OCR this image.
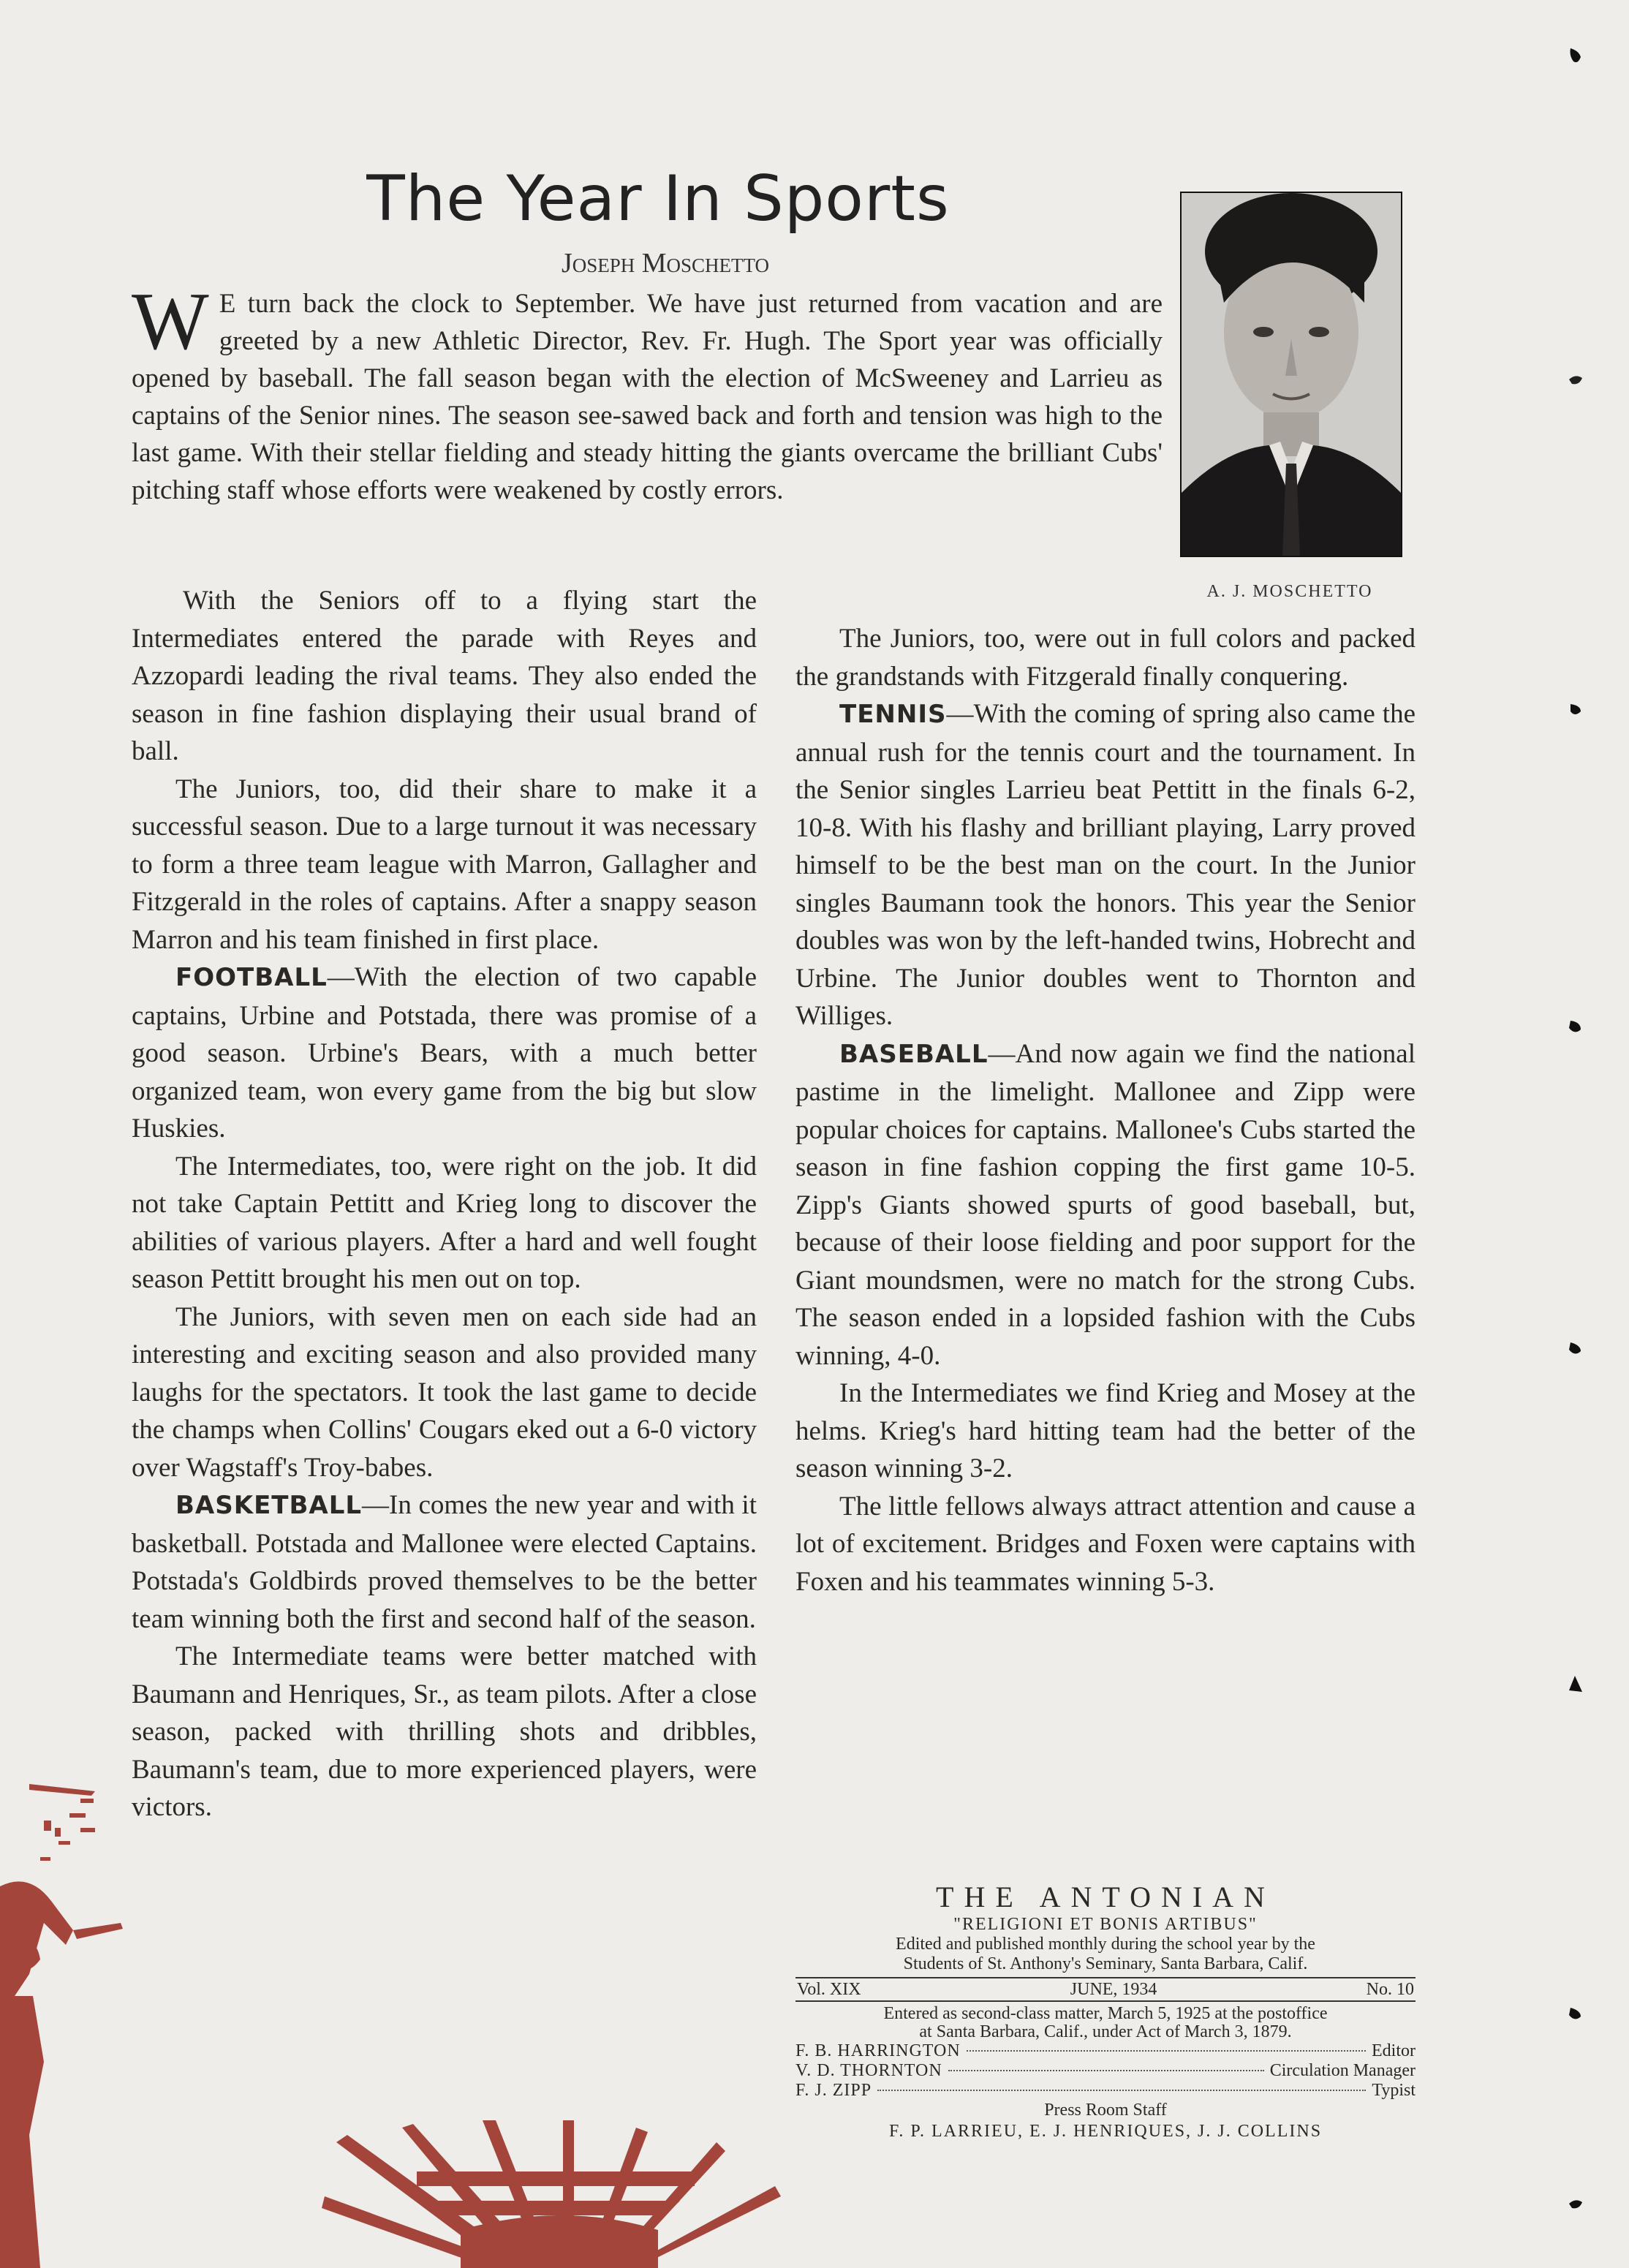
The Year In Sports
Joseph Moschetto

W E turn back the clock to September. We have just returned from vacation and are greeted by a new Athletic Director, Rev. Fr. Hugh. The Sport year was officially opened by baseball. The fall season began with the election of McSweeney and Larrieu as captains of the Senior nines. The season see-sawed back and forth and tension was high to the last game. With their stellar fielding and steady hitting the giants overcame the brilliant Cubs' pitching staff whose efforts were weakened by costly errors.

A. J. MOSCHETTO

With the Seniors off to a flying start the Intermediates entered the parade with Reyes and Azzopardi leading the rival teams. They also ended the season in fine fashion displaying their usual brand of ball.

The Juniors, too, did their share to make it a successful season. Due to a large turnout it was necessary to form a three team league with Marron, Gallagher and Fitzgerald in the roles of captains. After a snappy season Marron and his team finished in first place.

FOOTBALL—With the election of two capable captains, Urbine and Potstada, there was promise of a good season. Urbine's Bears, with a much better organized team, won every game from the big but slow Huskies.

The Intermediates, too, were right on the job. It did not take Captain Pettitt and Krieg long to discover the abilities of various players. After a hard and well fought season Pettitt brought his men out on top.

The Juniors, with seven men on each side had an interesting and exciting season and also provided many laughs for the spectators. It took the last game to decide the champs when Collins' Cougars eked out a 6-0 victory over Wagstaff's Troy-babes.

BASKETBALL—In comes the new year and with it basketball. Potstada and Mallonee were elected Captains. Potstada's Goldbirds proved themselves to be the better team winning both the first and second half of the season.

The Intermediate teams were better matched with Baumann and Henriques, Sr., as team pilots. After a close season, packed with thrilling shots and dribbles, Baumann's team, due to more experienced players, were victors.

The Juniors, too, were out in full colors and packed the grandstands with Fitzgerald finally conquering.

TENNIS—With the coming of spring also came the annual rush for the tennis court and the tournament. In the Senior singles Larrieu beat Pettitt in the finals 6-2, 10-8. With his flashy and brilliant playing, Larry proved himself to be the best man on the court. In the Junior singles Baumann took the honors. This year the Senior doubles was won by the left-handed twins, Hobrecht and Urbine. The Junior doubles went to Thornton and Williges.

BASEBALL—And now again we find the national pastime in the limelight. Mallonee and Zipp were popular choices for captains. Mallonee's Cubs started the season in fine fashion copping the first game 10-5. Zipp's Giants showed spurts of good baseball, but, because of their loose fielding and poor support for the Giant moundsmen, were no match for the strong Cubs. The season ended in a lopsided fashion with the Cubs winning, 4-0.

In the Intermediates we find Krieg and Mosey at the helms. Krieg's hard hitting team had the better of the season winning 3-2.

The little fellows always attract attention and cause a lot of excitement. Bridges and Foxen were captains with Foxen and his teammates winning 5-3.

THE ANTONIAN
"RELIGIONI ET BONIS ARTIBUS"
Edited and published monthly during the school year by the
Students of St. Anthony's Seminary, Santa Barbara, Calif.
Vol. XIX	JUNE, 1934	No. 10
Entered as second-class matter, March 5, 1925 at the postoffice
at Santa Barbara, Calif., under Act of March 3, 1879.
F. B. HARRINGTON	Editor
V. D. THORNTON	Circulation Manager
F. J. ZIPP	Typist
Press Room Staff
F. P. LARRIEU, E. J. HENRIQUES, J. J. COLLINS
